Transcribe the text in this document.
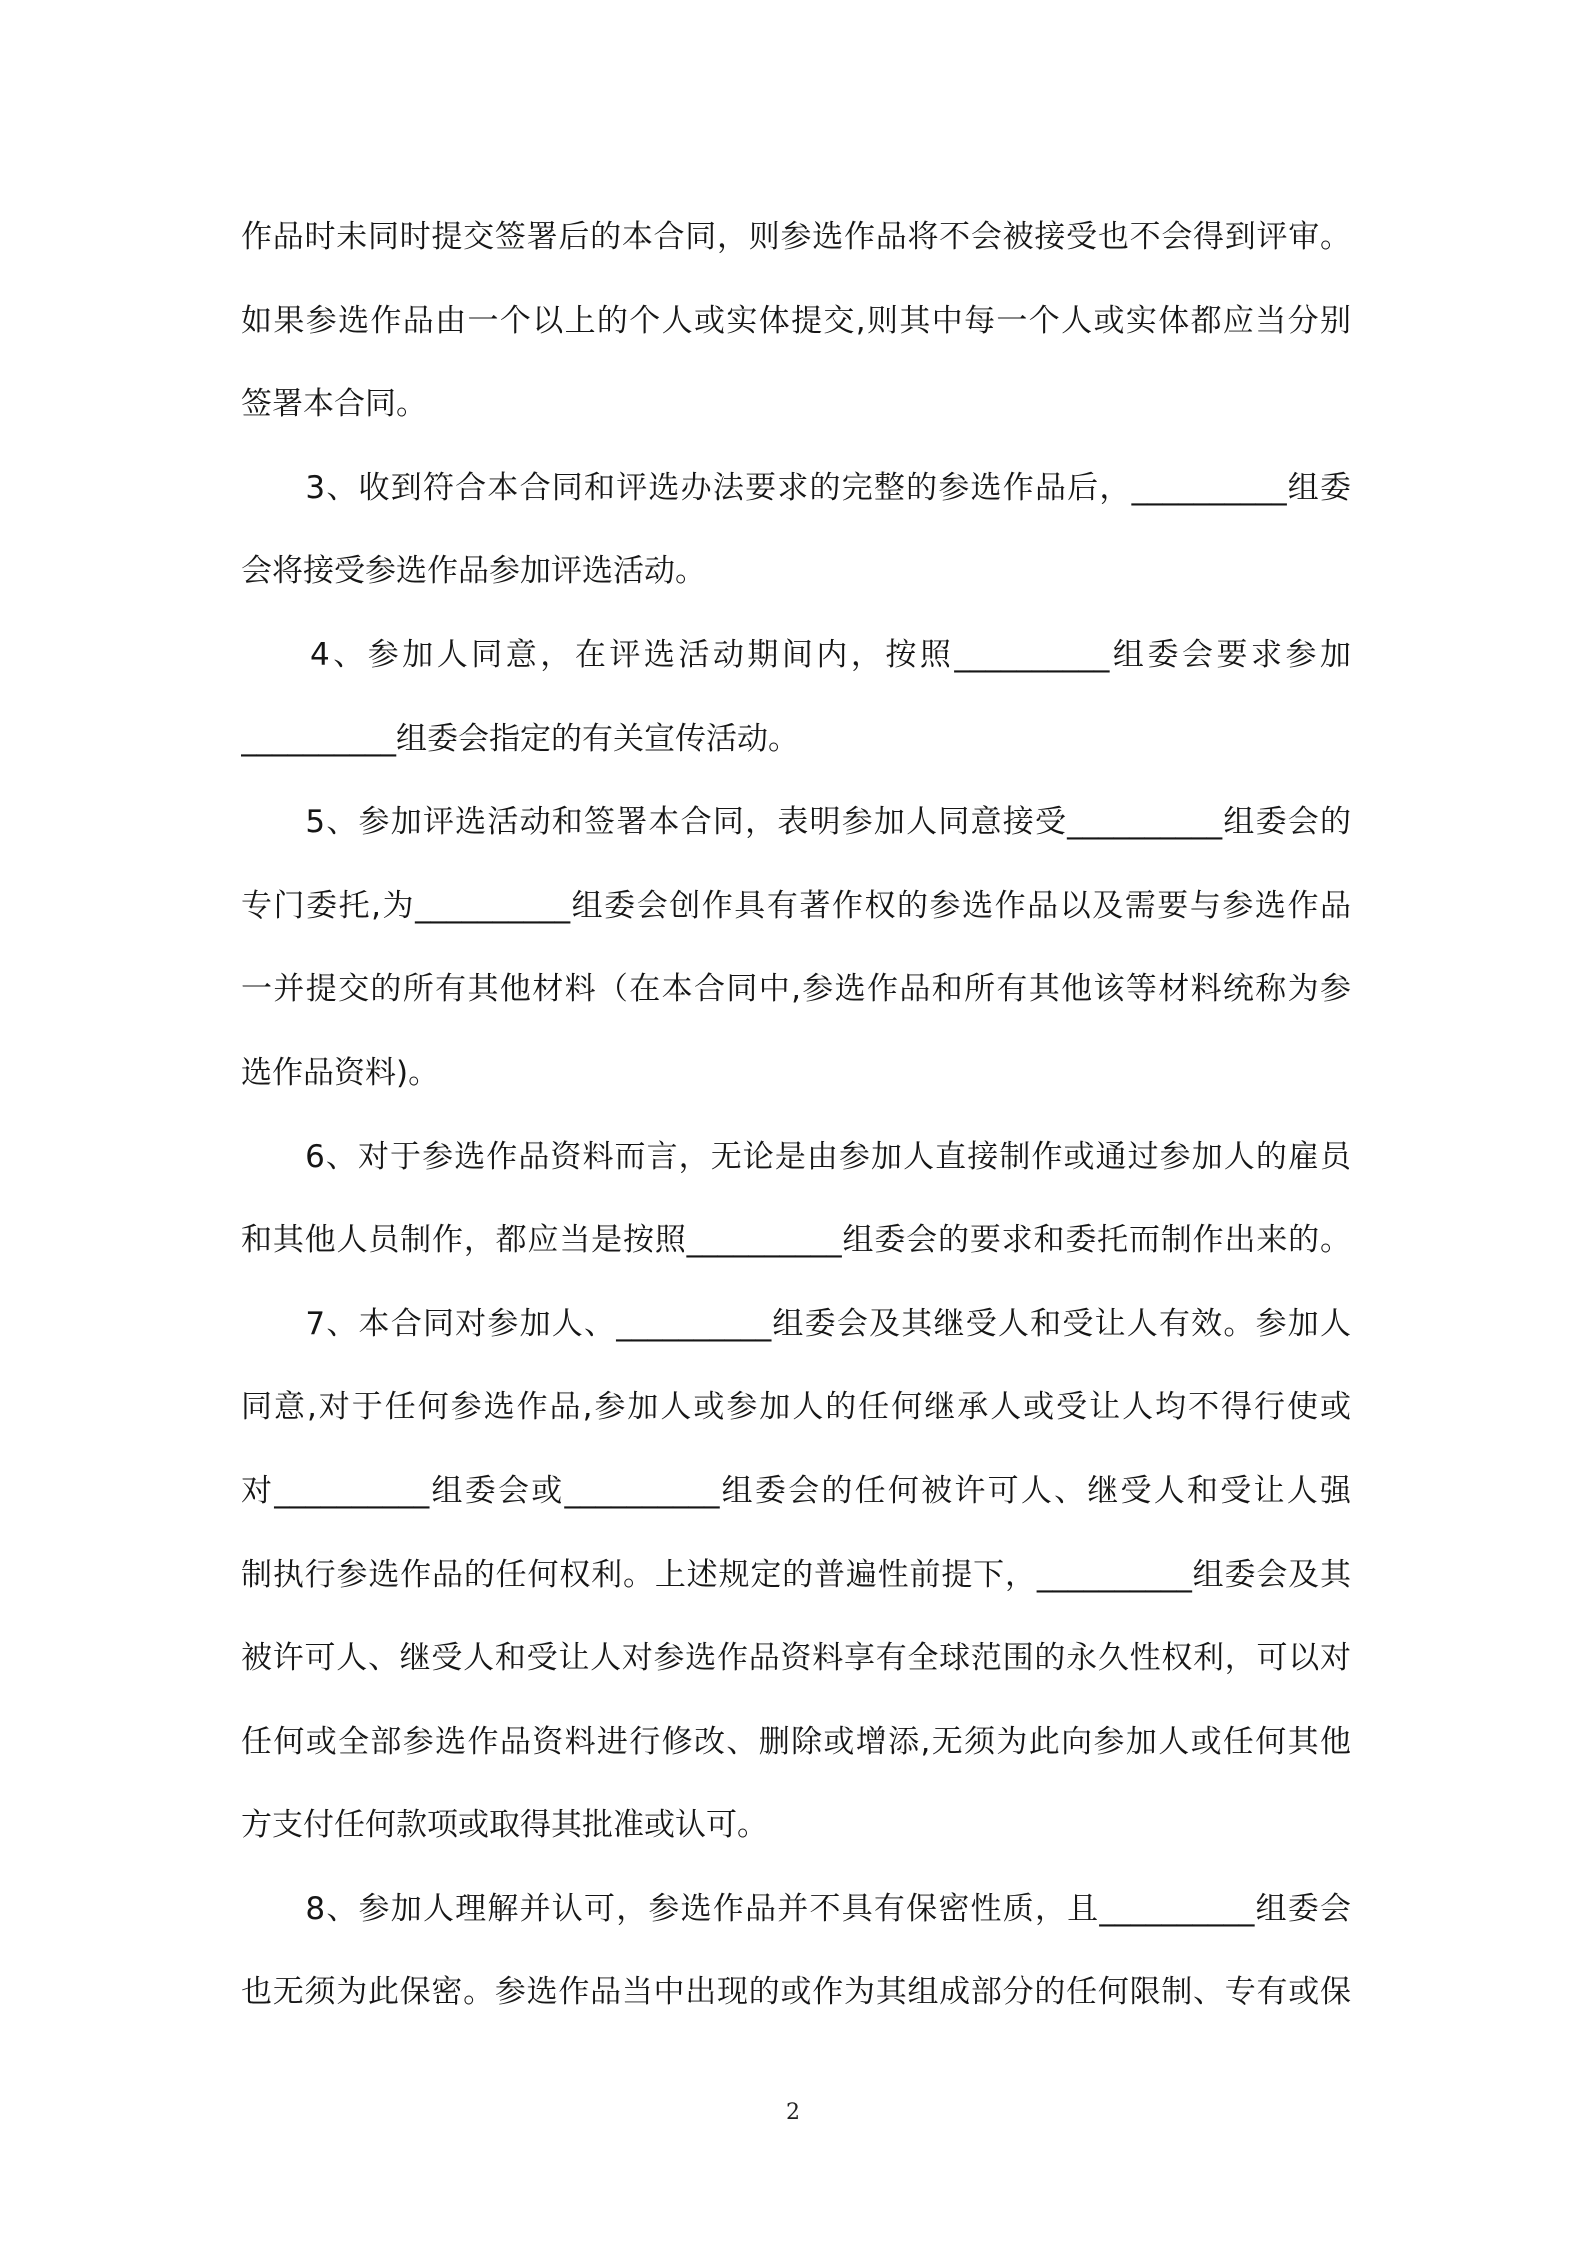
作品时未同时提交签署后的本合同，则参选作品将不会被接受也不会得到评审。
如果参选作品由一个以上的个人或实体提交,则其中每一个人或实体都应当分别
签署本合同。
　　3、收到符合本合同和评选办法要求的完整的参选作品后，__________组委
会将接受参选作品参加评选活动。
　　4、参加人同意，在评选活动期间内，按照__________组委会要求参加
__________组委会指定的有关宣传活动。
　　5、参加评选活动和签署本合同，表明参加人同意接受__________组委会的
专门委托,为__________组委会创作具有著作权的参选作品以及需要与参选作品
一并提交的所有其他材料（在本合同中,参选作品和所有其他该等材料统称为参
选作品资料)。
　　6、对于参选作品资料而言，无论是由参加人直接制作或通过参加人的雇员
和其他人员制作，都应当是按照__________组委会的要求和委托而制作出来的。
　　7、本合同对参加人、__________组委会及其继受人和受让人有效。参加人
同意,对于任何参选作品,参加人或参加人的任何继承人或受让人均不得行使或
对__________组委会或__________组委会的任何被许可人、继受人和受让人强
制执行参选作品的任何权利。上述规定的普遍性前提下，__________组委会及其
被许可人、继受人和受让人对参选作品资料享有全球范围的永久性权利，可以对
任何或全部参选作品资料进行修改、删除或增添,无须为此向参加人或任何其他
方支付任何款项或取得其批准或认可。
　　8、参加人理解并认可，参选作品并不具有保密性质，且__________组委会
也无须为此保密。参选作品当中出现的或作为其组成部分的任何限制、专有或保
2
